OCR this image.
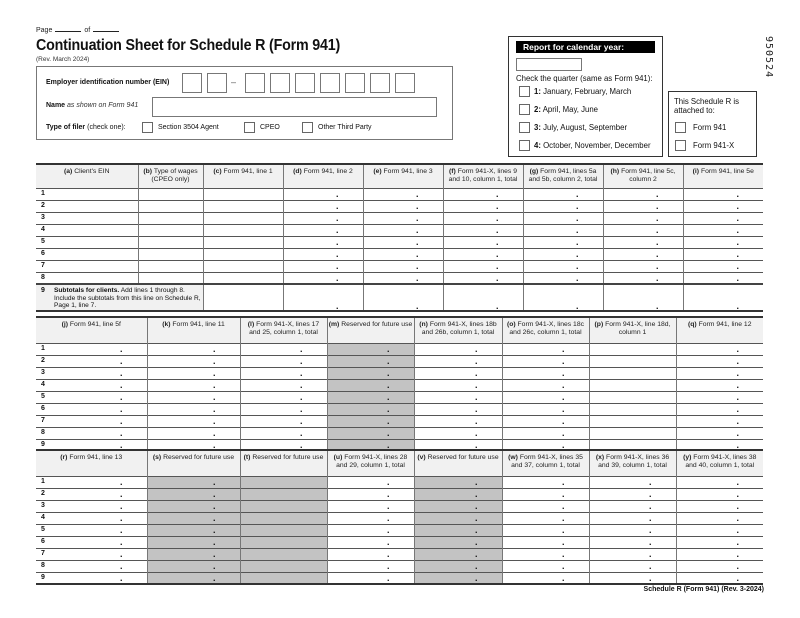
Page	of
Continuation Sheet for Schedule R (Form 941)
(Rev. March 2024)
Employer identification number (EIN)	–
Name as shown on Form 941
Type of filer (check one):	Section 3504 Agent	CPEO	Other Third Party
Report for calendar year:
Check the quarter (same as Form 941):
1: January, February, March
2: April, May, June
3: July, August, September
4: October, November, December
This Schedule R is
attached to:
Form 941
Form 941-X
950524
(a) Client's EIN	(b) Type of wages (CPEO only)	(c) Form 941, line 1	(d) Form 941, line 2	(e) Form 941, line 3	(f) Form 941-X, lines 9 and 10, column 1, total	(g) Form 941, lines 5a and 5b, column 2, total	(h) Form 941, line 5c, column 2	(i) Form 941, line 5e

1			.	.	.	.	.	.

2			.	.	.	.	.	.

3			.	.	.	.	.	.

4			.	.	.	.	.	.

5			.	.	.	.	.	.

6			.	.	.	.	.	.

7			.	.	.	.	.	.

8			.	.	.	.	.	.

9 Subtotals for clients. Add lines 1 through 8. Include the subtotals from this line on Schedule R, Page 1, line 7.			.	.	.	.	.	.
(j) Form 941, line 5f	(k) Form 941, line 11	(l) Form 941-X, lines 17 and 25, column 1, total	(m) Reserved for future use	(n) Form 941-X, lines 18b and 26b, column 1, total	(o) Form 941-X, lines 18c and 26c, column 1, total	(p) Form 941-X, line 18d, column 1	(q) Form 941, line 12

1 .	.	.	.	.	.		.

2 .	.	.	.	.	.		.

3 .	.	.	.	.	.		.

4 .	.	.	.	.	.		.

5 .	.	.	.	.	.		.

6 .	.	.	.	.	.		.

7 .	.	.	.	.	.		.

8 .	.	.	.	.	.		.

9 .	.	.	.	.	.		.
(r) Form 941, line 13	(s) Reserved for future use	(t) Reserved for future use	(u) Form 941-X, lines 28 and 29, column 1, total	(v) Reserved for future use	(w) Form 941-X, lines 35 and 37, column 1, total	(x) Form 941-X, lines 36 and 39, column 1, total	(y) Form 941-X, lines 38 and 40, column 1, total

1 .	.		.	.	.	.	.

2 .	.		.	.	.	.	.

3 .	.		.	.	.	.	.

4 .	.		.	.	.	.	.

5 .	.		.	.	.	.	.

6 .	.		.	.	.	.	.

7 .	.		.	.	.	.	.

8 .	.		.	.	.	.	.

9 .	.		.	.	.	.	.
Schedule R (Form 941) (Rev. 3-2024)
